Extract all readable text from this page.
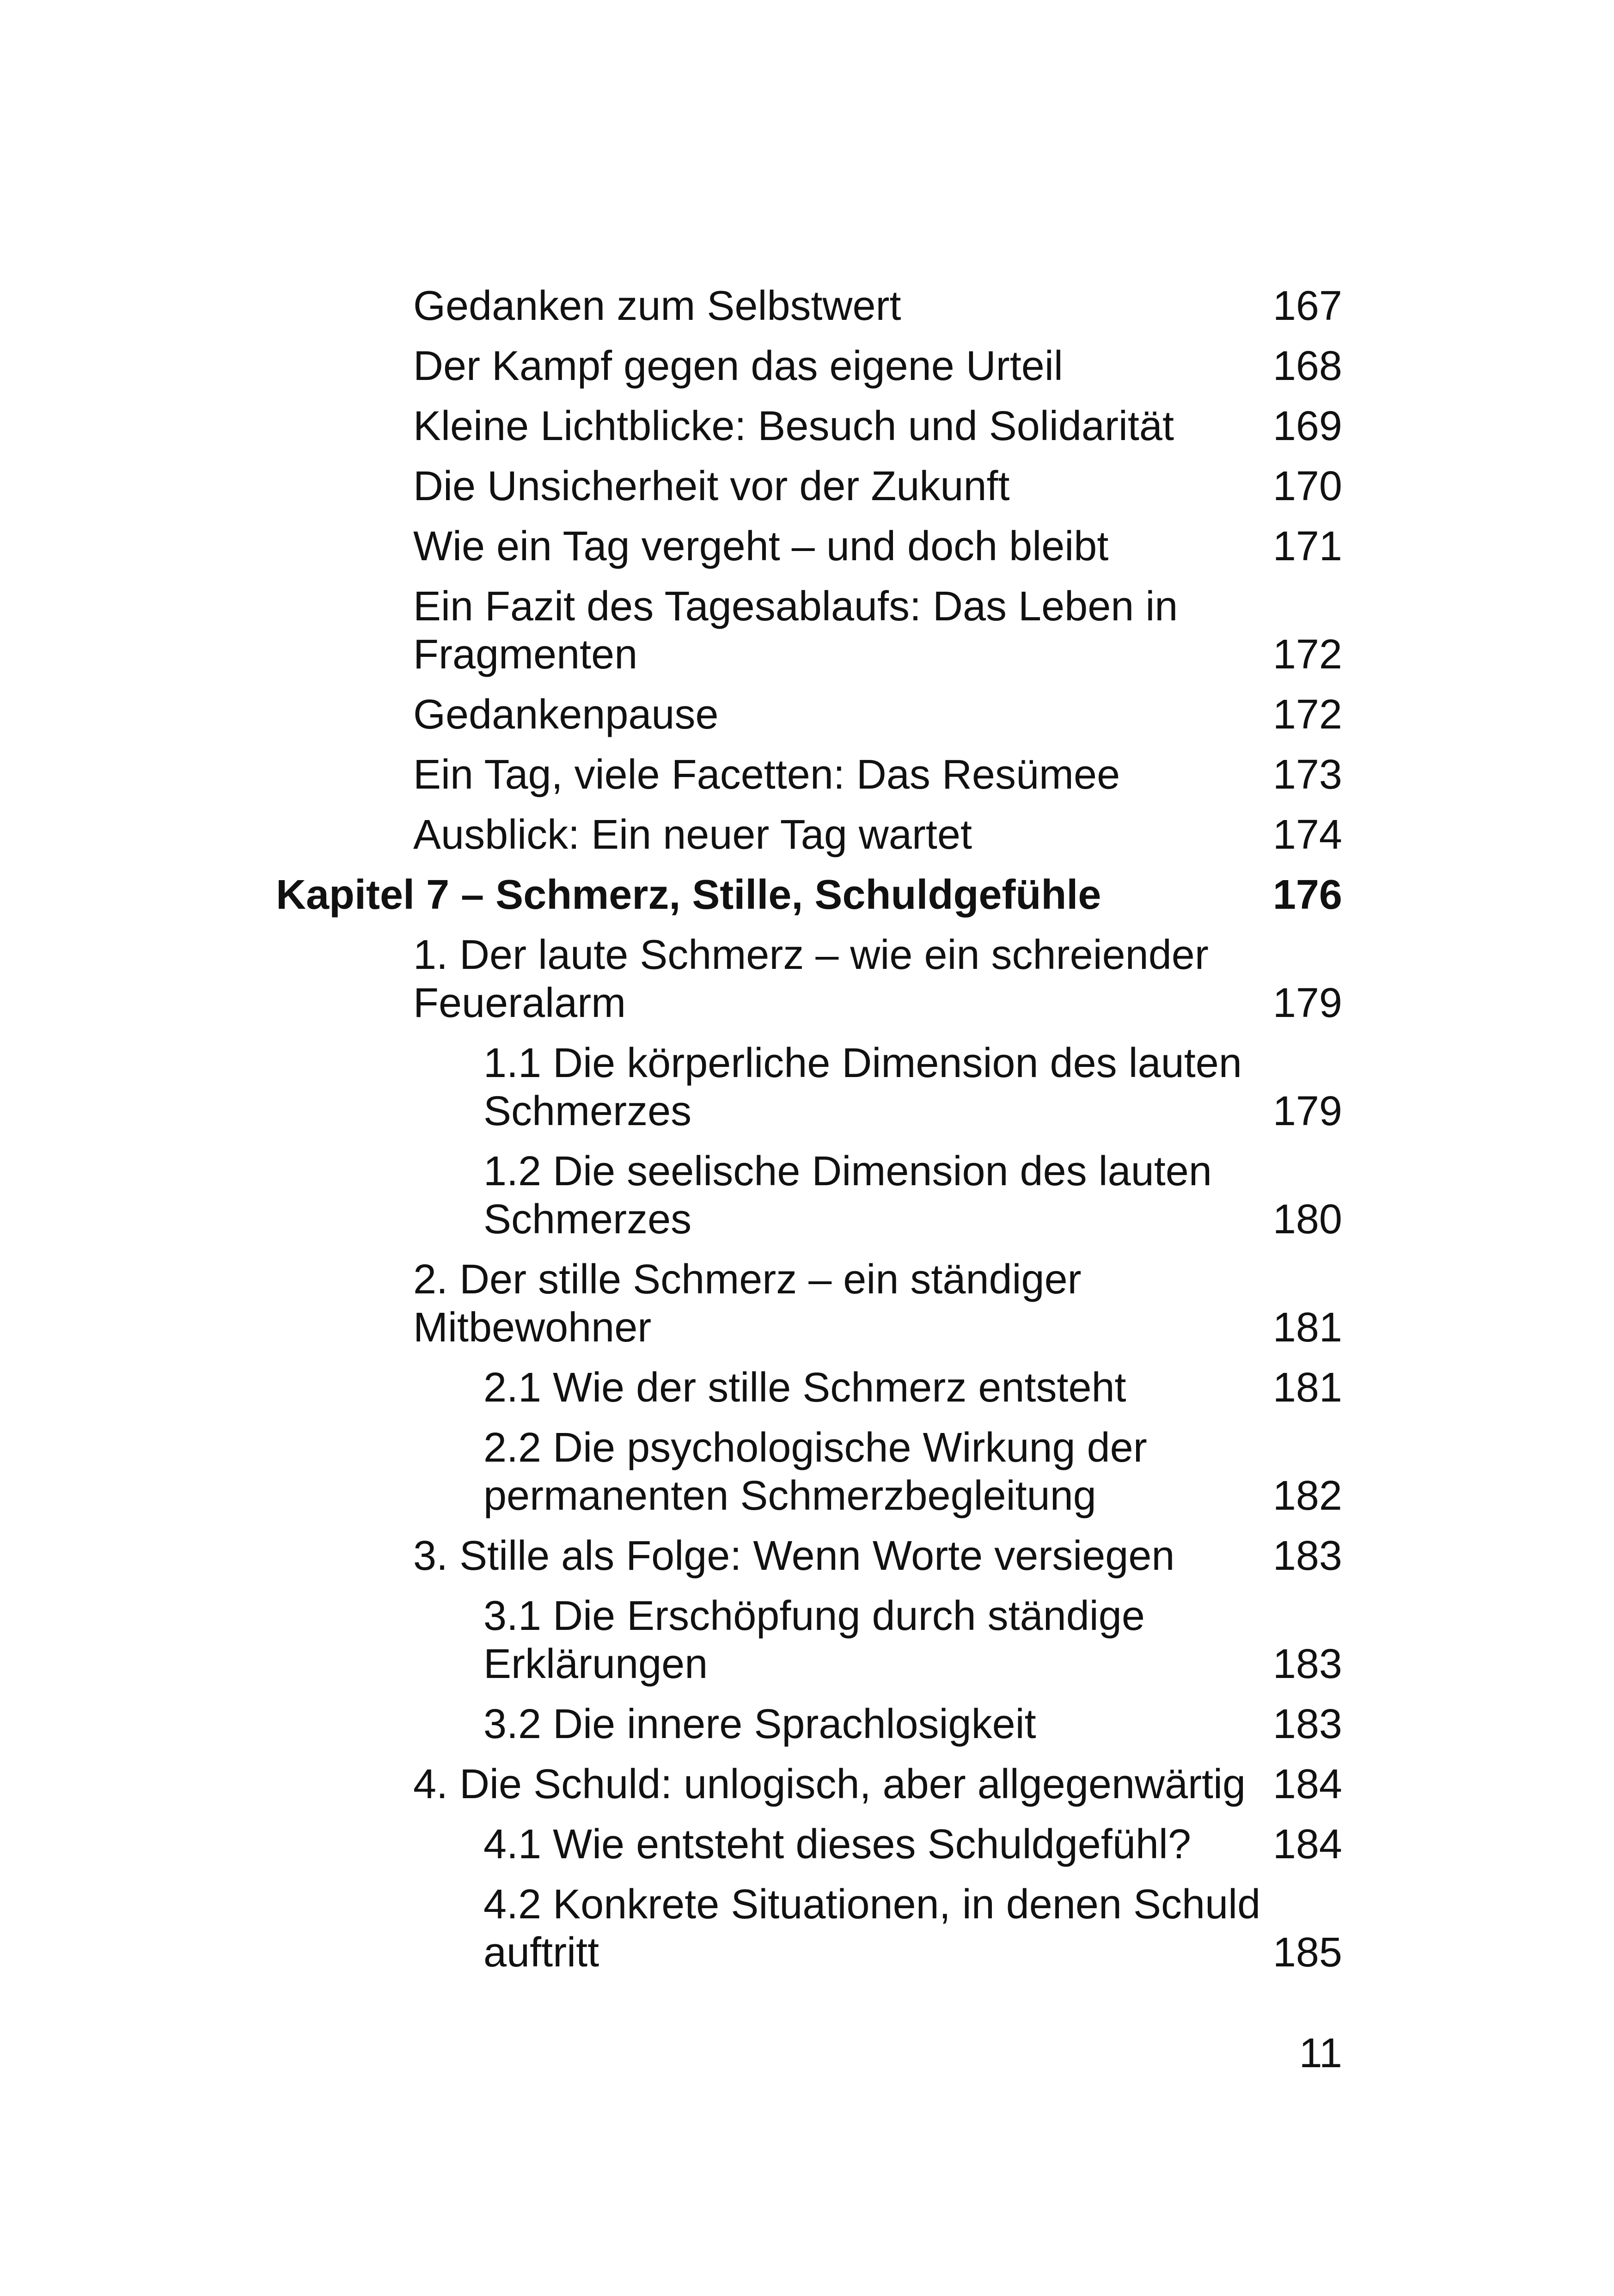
Gedanken zum Selbstwert	167
Der Kampf gegen das eigene Urteil	168
Kleine Lichtblicke: Besuch und Solidarität	169
Die Unsicherheit vor der Zukunft	170
Wie ein Tag vergeht – und doch bleibt	171
Ein Fazit des Tagesablaufs: Das Leben in
Fragmenten	172
Gedankenpause	172
Ein Tag, viele Facetten: Das Resümee	173
Ausblick: Ein neuer Tag wartet	174
Kapitel 7 – Schmerz, Stille, Schuldgefühle	176
1. Der laute Schmerz – wie ein schreiender
Feueralarm	179
1.1 Die körperliche Dimension des lauten
Schmerzes	179
1.2 Die seelische Dimension des lauten
Schmerzes	180
2. Der stille Schmerz – ein ständiger
Mitbewohner	181
2.1 Wie der stille Schmerz entsteht	181
2.2 Die psychologische Wirkung der
permanenten Schmerzbegleitung	182
3. Stille als Folge: Wenn Worte versiegen	183
3.1 Die Erschöpfung durch ständige
Erklärungen	183
3.2 Die innere Sprachlosigkeit	183
4. Die Schuld: unlogisch, aber allgegenwärtig 184
4.1 Wie entsteht dieses Schuldgefühl?	184
4.2 Konkrete Situationen, in denen Schuld
auftritt	185
11
